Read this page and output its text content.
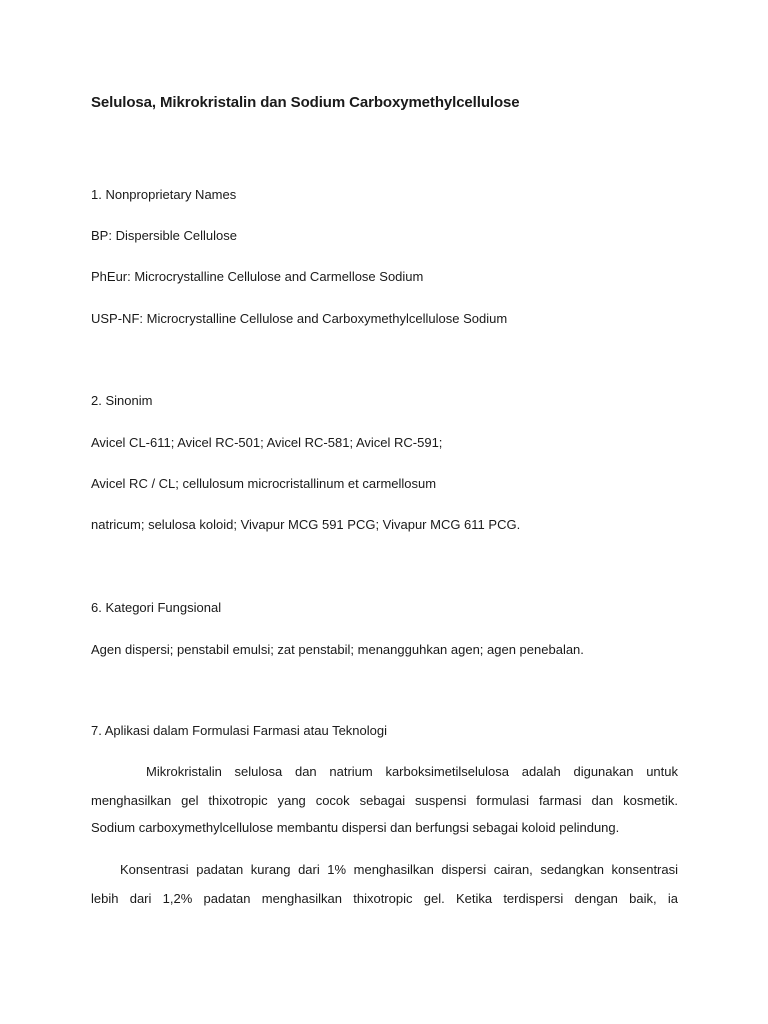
Selulosa, Mikrokristalin dan Sodium Carboxymethylcellulose
1. Nonproprietary Names
BP: Dispersible Cellulose
PhEur: Microcrystalline Cellulose and Carmellose Sodium
USP-NF: Microcrystalline Cellulose and Carboxymethylcellulose Sodium
2. Sinonim
Avicel CL-611; Avicel RC-501; Avicel RC-581; Avicel RC-591;
Avicel RC / CL; cellulosum microcristallinum et carmellosum
natricum; selulosa koloid; Vivapur MCG 591 PCG; Vivapur MCG 611 PCG.
6. Kategori Fungsional
Agen dispersi; penstabil emulsi; zat penstabil; menangguhkan agen; agen penebalan.
7. Aplikasi dalam Formulasi Farmasi atau Teknologi
Mikrokristalin selulosa dan natrium karboksimetilselulosa adalah digunakan untuk
menghasilkan gel thixotropic yang cocok sebagai suspensi formulasi farmasi dan kosmetik.
Sodium carboxymethylcellulose membantu dispersi dan berfungsi sebagai koloid pelindung.
Konsentrasi padatan kurang dari 1% menghasilkan dispersi cairan, sedangkan konsentrasi
lebih dari 1,2% padatan menghasilkan thixotropic gel. Ketika terdispersi dengan baik, ia
